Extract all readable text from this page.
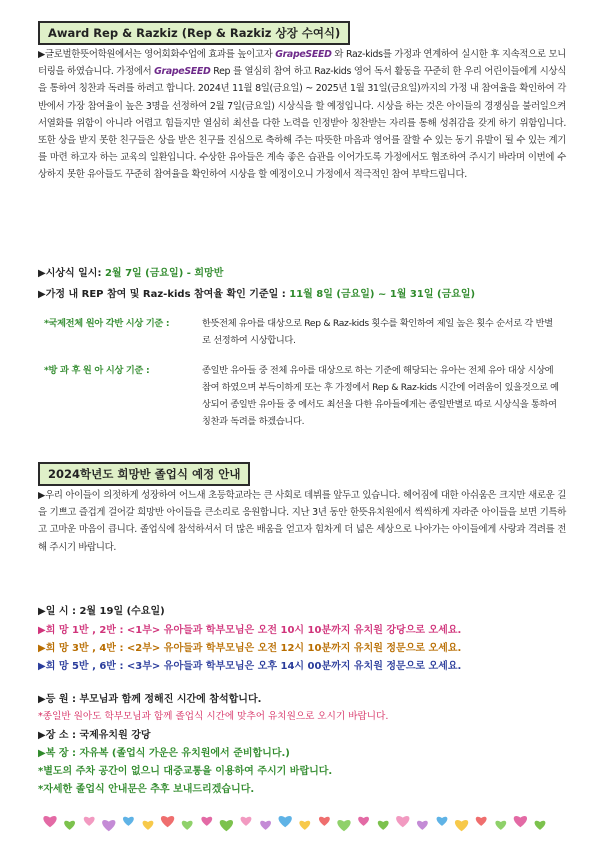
Award Rep & Razkiz (Rep & Razkiz 상장 수여식)
▶글로벌한뜻어학원에서는 영어회화수업에 효과를 높이고자 GrapeSEED 와 Raz-kids를 가정과 연계하여 실시한 후 지속적으로 모니터링을 하였습니다. 가정에서 GrapeSEED Rep 를 열심히 참여 하고 Raz-kids 영어 독서 활동을 꾸준히 한 우리 어린이들에게 시상식을 통하여 칭찬과 독려를 하려고 합니다. 2024년 11월 8일(금요일) ~ 2025년 1월 31일(금요일)까지의 가정 내 참여율을 확인하여 각반에서 가장 참여율이 높은 3명을 선정하여 2월 7일(금요일) 시상식을 할 예정입니다. 시상을 하는 것은 아이들의 경쟁심을 불러일으켜 서열화를 위함이 아니라 어렵고 힘들지만 열심히 최선을 다한 노력을 인정받아 칭찬받는 자리를 통해 성취감을 갖게 하기 위함입니다. 또한 상을 받지 못한 친구들은 상을 받은 친구를 진심으로 축하해 주는 따뜻한 마음과 영어를 잘할 수 있는 동기 유발이 될 수 있는 계기를 마련 하고자 하는 교육의 일환입니다. 수상한 유아들은 계속 좋은 습관을 이어가도록 가정에서도 협조하여 주시기 바라며 이번에 수상하지 못한 유아들도 꾸준히 참여율을 확인하여 시상을 할 예정이오니 가정에서 적극적인 참여 부탁드립니다.
▶시상식 일시: 2월 7일 (금요일) - 희망반
▶가정 내 REP 참여 및 Raz-kids 참여율 확인 기준일 : 11월 8일 (금요일) ~ 1월 31일 (금요일)
*국제전체 원아 각반 시상 기준 :	한뜻전체 유아를 대상으로 Rep & Raz-kids 횟수를 확인하여 제일 높은 횟수 순서로 각 반별로 선정하여 시상합니다.
*방 과 후 원 아 시상 기준 :	종일반 유아들 중 전체 유아를 대상으로 하는 기준에 해당되는 유아는 전체 유아 대상 시상에 참여 하였으며 부득이하게 또는 후 가정에서 Rep & Raz-kids 시간에 어려움이 있을것으로 예상되어 종일반 유아들 중 에서도 최선을 다한 유아들에게는 종일반별로 따로 시상식을 통하여 칭찬과 독려를 하겠습니다.
2024학년도 희망반 졸업식 예정 안내
▶우리 아이들이 의젓하게 성장하여 어느새 초등학교라는 큰 사회로 데뷔를 앞두고 있습니다. 헤어짐에 대한 아쉬움은 크지만 새로운 길을 기쁘고 즐겁게 걸어갈 희망반 아이들을 큰소리로 응원합니다. 지난 3년 동안 한뜻유치원에서 씩씩하게 자라준 아이들을 보면 기특하고 고마운 마음이 큽니다. 졸업식에 참석하셔서 더 많은 배움을 얻고자 힘차게 더 넓은 세상으로 나아가는 아이들에게 사랑과 격려를 전해 주시기 바랍니다.
▶일 시 : 2월 19일 (수요일)
▶희 망 1반 , 2반 : <1부> 유아들과 학부모님은 오전 10시 10분까지 유치원 강당으로 오세요.
▶희 망 3반 , 4반 : <2부> 유아들과 학부모님은 오전 12시 10분까지 유치원 정문으로 오세요.
▶희 망 5반 , 6반 : <3부> 유아들과 학부모님은 오후 14시 00분까지 유치원 정문으로 오세요.
▶등 원 : 부모님과 함께 정해진 시간에 참석합니다.
*종일반 원아도 학부모님과 함께 졸업식 시간에 맞추어 유치원으로 오시기 바랍니다.
▶장 소 : 국제유치원 강당
▶복 장 : 자유복 (졸업식 가운은 유치원에서 준비합니다.)
*별도의 주차 공간이 없으니 대중교통을 이용하여 주시기 바랍니다.
*자세한 졸업식 안내문은 추후 보내드리겠습니다.
